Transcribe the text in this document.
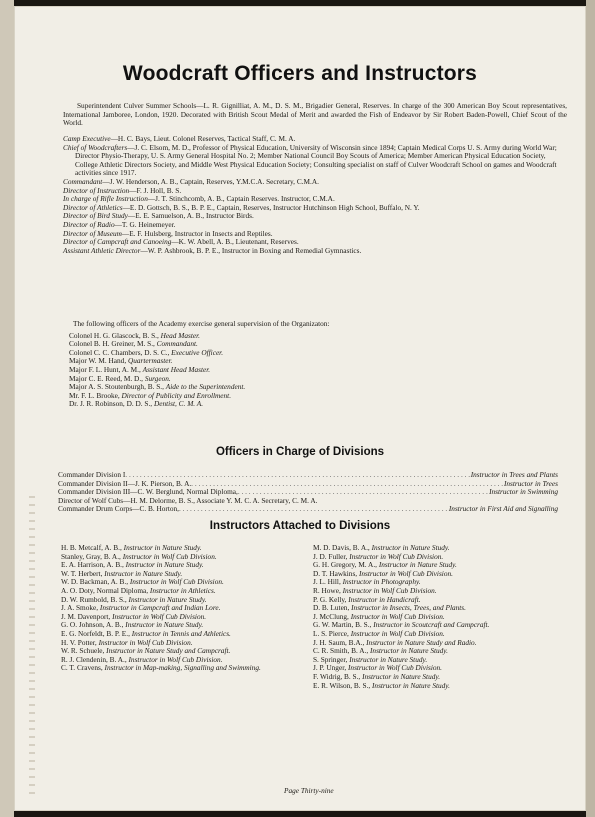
Woodcraft Officers and Instructors
Superintendent Culver Summer Schools—L. R. Gignilliat, A. M., D. S. M., Brigadier General, Reserves. In charge of the 300 American Boy Scout representatives, International Jamboree, London, 1920. Decorated with British Scout Medal of Merit and awarded the Fish of Endeavor by Sir Robert Baden-Powell, Chief Scout of the World.

Camp Executive—H. C. Bays, Lieut. Colonel Reserves, Tactical Staff, C. M. A.

Chief of Woodcrafters—J. C. Elsom, M. D., Professor of Physical Education, University of Wisconsin since 1894; Captain Medical Corps U. S. Army during World War; Director Physio-Therapy, U. S. Army General Hospital No. 2; Member National Council Boy Scouts of America; Member American Physical Education Society, College Athletic Directors Society, and Middle West Physical Education Society; Consulting specialist on staff of Culver Woodcraft School on games and Woodcraft activities since 1917.

Commandant—J. W. Henderson, A. B., Captain, Reserves, Y.M.C.A. Secretary, C.M.A.

Director of Instruction—F. J. Holl, B. S.

In charge of Rifle Instruction—J. T. Stinchcomb, A. B., Captain Reserves. Instructor, C.M.A.

Director of Athletics—E. D. Gottsch, B. S., B. P. E., Captain, Reserves, Instructor Hutchinson High School, Buffalo, N. Y.

Director of Bird Study—E. E. Samuelson, A. B., Instructor Birds.

Director of Radio—T. G. Heinemeyer.

Director of Museum—E. F. Hulsberg, Instructor in Insects and Reptiles.

Director of Campcraft and Canoeing—K. W. Abell, A. B., Lieutenant, Reserves.

Assistant Athletic Director—W. P. Ashbrook, B. P. E., Instructor in Boxing and Remedial Gymnastics.

The following officers of the Academy exercise general supervision of the Organizaton:
Colonel H. G. Glascock, B. S., Head Master.
Colonel B. H. Greiner, M. S., Commandant.
Colonel C. C. Chambers, D. S. C., Executive Officer.
Major W. M. Hand, Quartermaster.
Major F. L. Hunt, A. M., Assistant Head Master.
Major C. E. Reed, M. D., Surgeon.
Major A. S. Stoutenburgh, B. S., Aide to the Superintendent.
Mr. F. L. Brooke, Director of Publicity and Enrollment.
Dr. J. R. Robinson, D. D. S., Dentist, C. M. A.
Officers in Charge of Divisions
Commander Division I . . .	Instructor in Trees and Plants
Commander Division II—J. K. Pierson, B. A. . . .	Instructor in Trees
Commander Division III—C. W. Berglund, Normal Diploma, . . .	Instructor in Swimming
Director of Wolf Cubs—H. M. Delorme, B. S., Associate Y. M. C. A. Secretary, C. M. A.
Commander Drum Corps—C. B. Horton, . . .	Instructor in First Aid and Signalling
Instructors Attached to Divisions
H. B. Metcalf, A. B., Instructor in Nature Study.
Stanley, Gray, B. A., Instructor in Wolf Cub Division.
E. A. Harrison, A. B., Instructor in Nature Study.
W. T. Herbert, Instructor in Nature Study.
W. D. Backman, A. B., Instructor in Wolf Cub Division.
A. O. Doty, Normal Diploma, Instructor in Athletics.
D. W. Rumbold, B. S., Instructor in Nature Study.
J. A. Smoke, Instructor in Campcraft and Indian Lore.
J. M. Davenport, Instructor in Wolf Cub Division.
G. O. Johnson, A. B., Instructor in Nature Study.
E. G. Norfeldt, B. P. E., Instructor in Tennis and Athletics.
H. V. Potter, Instructor in Wolf Cub Division.
W. R. Schuele, Instructor in Nature Study and Campcraft.
R. J. Clendenin, B. A., Instructor in Wolf Cub Division.
C. T. Cravens, Instructor in Map-making, Signalling and Swimming.
M. D. Davis, B. A., Instructor in Nature Study.
J. D. Fuller, Instructor in Wolf Cub Division.
G. H. Gregory, M. A., Instructor in Nature Study.
D. T. Hawkins, Instructor in Wolf Cub Division.
J. L. Hill, Instructor in Photography.
R. Howe, Instructor in Wolf Cub Division.
P. G. Kelly, Instructor in Handicraft.
D. B. Luten, Instructor in Insects, Trees, and Plants.
J. McClung, Instructor in Wolf Cub Division.
G. W. Martin, B. S., Instructor in Scoutcraft and Campcraft.
L. S. Pierce, Instructor in Wolf Cub Division.
J. H. Saum, B.A., Instructor in Nature Study and Radio.
C. R. Smith, B. A., Instructor in Nature Study.
S. Springer, Instructor in Nature Study.
J. P. Unger, Instructor in Wolf Cub Division.
F. Widrig, B. S., Instructor in Nature Study.
E. R. Wilson, B. S., Instructor in Nature Study.
Page Thirty-nine
